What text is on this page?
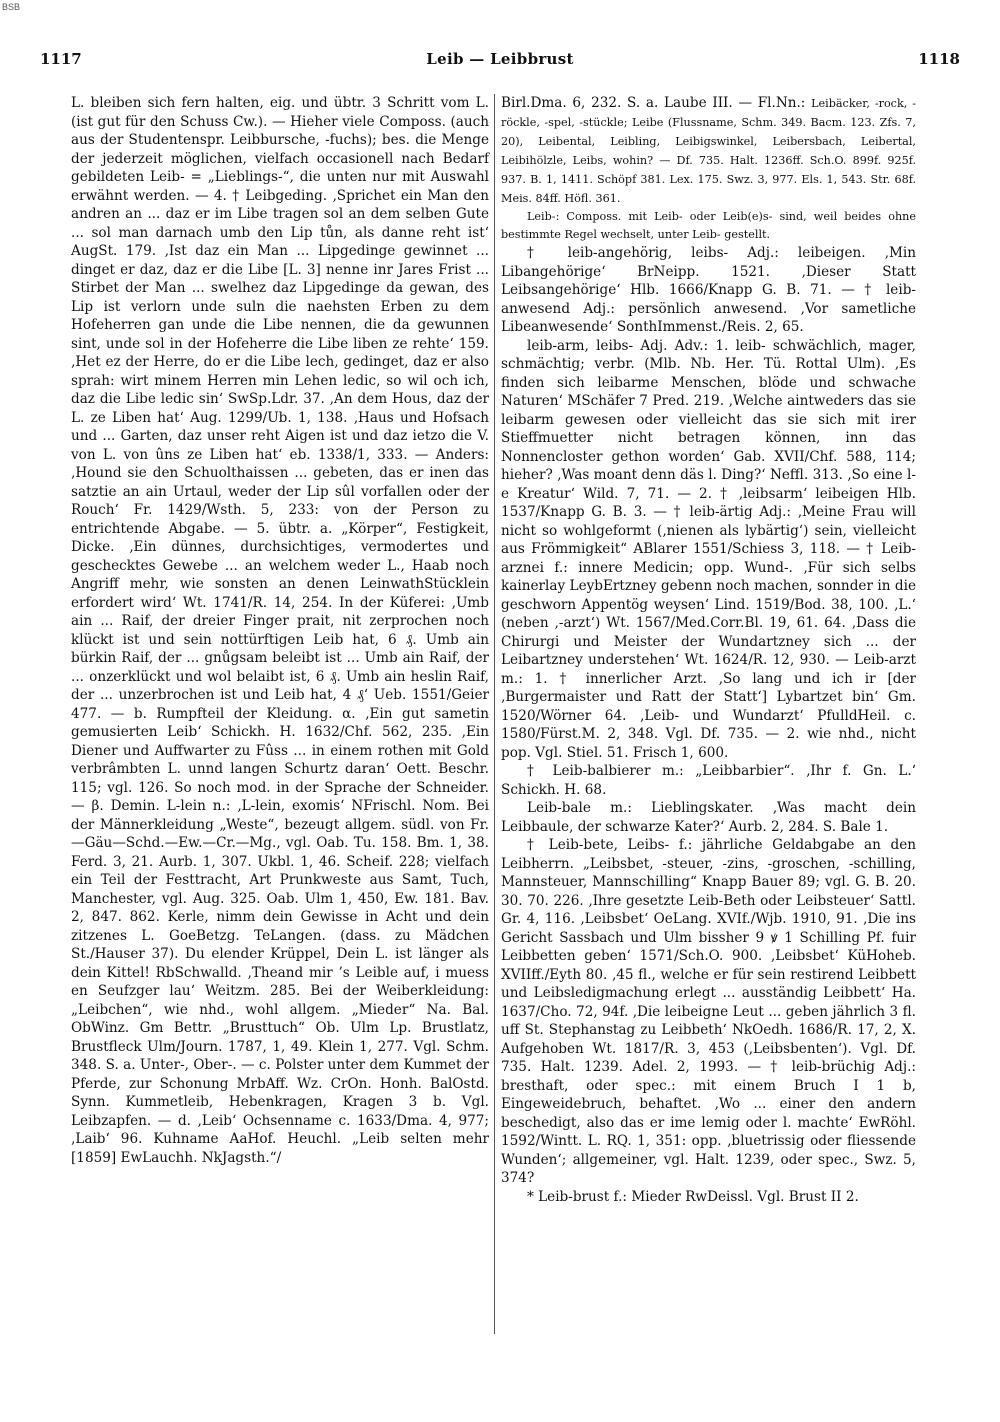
BSB
1117	Leib — Leibbrust	1118

L. bleiben sich fern halten, eig. und übtr. 3 Schritt vom L. (ist gut für den Schuss Cw.). — Hieher viele Composs. (auch aus der Studentenspr. Leibbursche, -fuchs); bes. die Menge der jederzeit möglichen, vielfach occasionell nach Bedarf gebildeten Leib- = „Lieblings-“, die unten nur mit Auswahl erwähnt werden. — 4. † Leibgeding. ‚Sprichet ein Man den andren an ... daz er im Libe tragen sol an dem selben Gute ... sol man darnach umb den Lip tůn, als danne reht ist‘ AugSt. 179. ‚Ist daz ein Man ... Lipgedinge gewinnet ... dinget er daz, daz er die Libe [L. 3] nenne inr Jares Frist ... Stirbet der Man ... swelhez daz Lipgedinge da gewan, des Lip ist verlorn unde suln die naehsten Erben zu dem Hofeherren gan unde die Libe nennen, die da gewunnen sint, unde sol in der Hofeherre die Libe liben ze rehte‘ 159. ‚Het ez der Herre, do er die Libe lech, gedinget, daz er also sprah: wirt minem Herren min Lehen ledic, so wil och ich, daz die Libe ledic sin‘ SwSp.Ldr. 37. ‚An dem Hous, daz der L. ze Liben hat‘ Aug. 1299/Ub. 1, 138. ‚Haus und Hofsach und ... Garten, daz unser reht Aigen ist und daz ietzo die V. von L. von ûns ze Liben hat‘ eb. 1338/1, 333. — Anders: ‚Hound sie den Schuolthaissen ... gebeten, das er inen das satztie an ain Urtaul, weder der Lip sûl vorfallen oder der Rouch‘ Fr. 1429/Wsth. 5, 233: von der Person zu entrichtende Abgabe. — 5. übtr. a. „Körper“, Festigkeit, Dicke. ‚Ein dünnes, durchsichtiges, vermodertes und geschecktes Gewebe ... an welchem weder L., Haab noch Angriff mehr, wie sonsten an denen LeinwathStücklein erfordert wird‘ Wt. 1741/R. 14, 254. In der Küferei: ‚Umb ain ... Raif, der dreier Finger prait, nit zerprochen noch klückt ist und sein nottürftigen Leib hat, 6 ₰. Umb ain bürkin Raif, der ... gnůgsam beleibt ist ... Umb ain Raif, der ... onzerklückt und wol belaibt ist, 6 ₰. Umb ain heslin Raif, der ... unzerbrochen ist und Leib hat, 4 ₰‘ Ueb. 1551/Geier 477. — b. Rumpfteil der Kleidung. α. ‚Ein gut sametin gemusierten Leib‘ Schickh. H. 1632/Chf. 562, 235. ‚Ein Diener und Auffwarter zu Fûss ... in einem rothen mit Gold verbrâmbten L. unnd langen Schurtz daran‘ Oett. Beschr. 115; vgl. 126. So noch mod. in der Sprache der Schneider. — β. Demin. L-lein n.: ‚L-lein, exomis‘ NFrischl. Nom. Bei der Männerkleidung „Weste“, bezeugt allgem. südl. von Fr.—Gäu—Schd.—Ew.—Cr.—Mg., vgl. Oab. Tu. 158. Bm. 1, 38. Ferd. 3, 21. Aurb. 1, 307. Ukbl. 1, 46. Scheif. 228; vielfach ein Teil der Festtracht, Art Prunkweste aus Samt, Tuch, Manchester, vgl. Aug. 325. Oab. Ulm 1, 450, Ew. 181. Bav. 2, 847. 862. Kerle, nimm dein Gewisse in Acht und dein zitzenes L. GoeBetzg. TeLangen. (dass. zu Mädchen St./Hauser 37). Du elender Krüppel, Dein L. ist länger als dein Kittel! RbSchwalld. ‚Theand mir ’s Leible auf, i muess en Seufzger lau‘ Weitzm. 285. Bei der Weiberkleidung: „Leibchen“, wie nhd., wohl allgem. „Mieder“ Na. Bal. ObWinz. Gm Bettr. „Brusttuch“ Ob. Ulm Lp. Brustlatz, Brustfleck Ulm/Journ. 1787, 1, 49. Klein 1, 277. Vgl. Schm. 348. S. a. Unter-, Ober-. — c. Polster unter dem Kummet der Pferde, zur Schonung MrbAff. Wz. CrOn. Honh. BalOstd. Synn. Kummetleib, Hebenkragen, Kragen 3 b. Vgl. Leibzapfen. — d. ‚Leib‘ Ochsenname c. 1633/Dma. 4, 977; ‚Laib‘ 96. Kuhname AaHof. Heuchl. „Leib selten mehr [1859] EwLauchh. NkJagsth.“/

Birl.Dma. 6, 232. S. a. Laube III. — Fl.Nn.: Leibäcker, -rock, -röckle, -spel, -stückle; Leibe (Flussname, Schm. 349. Bacm. 123. Zfs. 7, 20), Leibental, Leibling, Leibigswinkel, Leibersbach, Leibertal, Leibihölzle, Leibs, wohin? — Df. 735. Halt. 1236ff. Sch.O. 899f. 925f. 937. B. 1, 1411. Schöpf 381. Lex. 175. Swz. 3, 977. Els. 1, 543. Str. 68f. Meis. 84ff. Höfl. 361.

Leib-: Composs. mit Leib- oder Leib(e)s- sind, weil beides ohne bestimmte Regel wechselt, unter Leib- gestellt.

† leib-angehörig, leibs- Adj.: leibeigen. ‚Min Libangehörige‘ BrNeipp. 1521. ‚Dieser Statt Leibsangehörige‘ Hlb. 1666/Knapp G. B. 71. — † leib-anwesend Adj.: persönlich anwesend. ‚Vor sametliche Libeanwesende‘ SonthImmenst./Reis. 2, 65.

leib-arm, leibs- Adj. Adv.: 1. leib- schwächlich, mager, schmächtig; verbr. (Mlb. Nb. Her. Tü. Rottal Ulm). ‚Es finden sich leibarme Menschen, blöde und schwache Naturen‘ MSchäfer 7 Pred. 219. ‚Welche aintweders das sie leibarm gewesen oder vielleicht das sie sich mit irer Stieffmuetter nicht betragen können, inn das Nonnencloster gethon worden‘ Gab. XVII/Chf. 588, 114; hieher? ‚Was moant denn däs l. Ding?‘ Neffl. 313. ‚So eine l-e Kreatur‘ Wild. 7, 71. — 2. † ‚leibsarm‘ leibeigen Hlb. 1537/Knapp G. B. 3. — † leib-ärtig Adj.: ‚Meine Frau will nicht so wohlgeformt (‚nienen als lybärtig‘) sein, vielleicht aus Frömmigkeit“ ABlarer 1551/Schiess 3, 118. — † Leib-arznei f.: innere Medicin; opp. Wund-. ‚Für sich selbs kainerlay LeybErtzney gebenn noch machen, sonnder in die geschworn Appentög weysen‘ Lind. 1519/Bod. 38, 100. ‚L.‘ (neben ‚-arzt‘) Wt. 1567/Med.Corr.Bl. 19, 61. 64. ‚Dass die Chirurgi und Meister der Wundartzney sich ... der Leibartzney understehen‘ Wt. 1624/R. 12, 930. — Leib-arzt m.: 1. † innerlicher Arzt. ‚So lang und ich ir [der ‚Burgermaister und Ratt der Statt‘] Lybartzet bin‘ Gm. 1520/Wörner 64. ‚Leib- und Wundarzt‘ PfulldHeil. c. 1580/Fürst.M. 2, 348. Vgl. Df. 735. — 2. wie nhd., nicht pop. Vgl. Stiel. 51. Frisch 1, 600.

† Leib-balbierer m.: „Leibbarbier“. ‚Ihr f. Gn. L.‘ Schickh. H. 68.

Leib-bale m.: Lieblingskater. ‚Was macht dein Leibbaule, der schwarze Kater?‘ Aurb. 2, 284. S. Bale 1.

† Leib-bete, Leibs- f.: jährliche Geldabgabe an den Leibherrn. „Leibsbet, -steuer, -zins, -groschen, -schilling, Mannsteuer, Mannschilling“ Knapp Bauer 89; vgl. G. B. 20. 30. 70. 226. ‚Ihre gesetzte Leib-Beth oder Leibsteuer‘ Sattl. Gr. 4, 116. ‚Leibsbet‘ OeLang. XVIf./Wjb. 1910, 91. ‚Die ins Gericht Sassbach und Ulm bissher 9 ꝟ 1 Schilling Pf. fuir Leibbetten geben‘ 1571/Sch.O. 900. ‚Leibsbet‘ KüHoheb. XVIIff./Eyth 80. ‚45 fl., welche er für sein restirend Leibbett und Leibsledigmachung erlegt ... ausständig Leibbett‘ Ha. 1637/Cho. 72, 94f. ‚Die leibeigne Leut ... geben jährlich 3 fl. uff St. Stephanstag zu Leibbeth‘ NkOedh. 1686/R. 17, 2, X. Aufgehoben Wt. 1817/R. 3, 453 (‚Leibsbenten‘). Vgl. Df. 735. Halt. 1239. Adel. 2, 1993. — † leib-brüchig Adj.: bresthaft, oder spec.: mit einem Bruch I 1 b, Eingeweidebruch, behaftet. ‚Wo ... einer den andern beschedigt, also das er ime lemig oder l. machte‘ EwRöhl. 1592/Wintt. L. RQ. 1, 351: opp. ‚bluetrissig oder fliessende Wunden‘; allgemeiner, vgl. Halt. 1239, oder spec., Swz. 5, 374?

* Leib-brust f.: Mieder RwDeissl. Vgl. Brust II 2.
